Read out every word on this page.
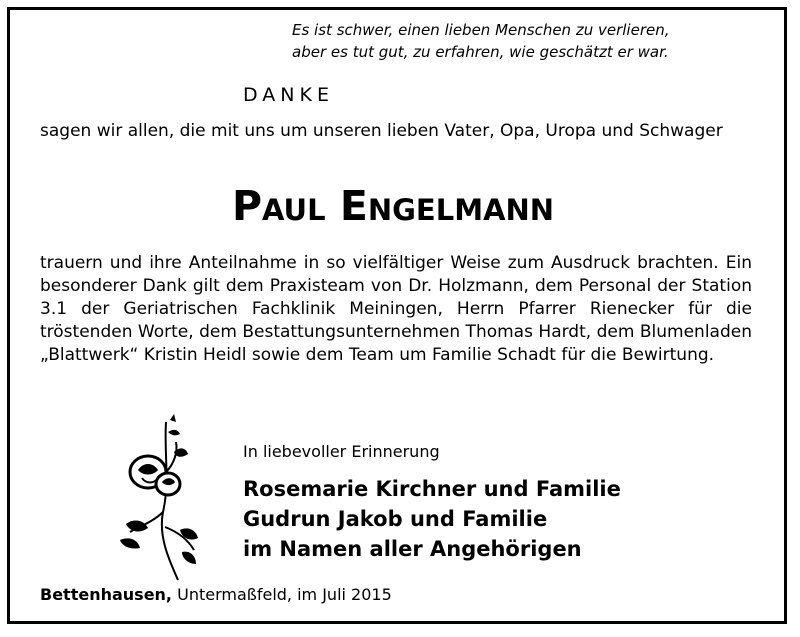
Es ist schwer, einen lieben Menschen zu verlieren,
aber es tut gut, zu erfahren, wie geschätzt er war.
DANKE
sagen wir allen, die mit uns um unseren lieben Vater, Opa, Uropa und Schwager
Paul Engelmann
trauern und ihre Anteilnahme in so vielfältiger Weise zum Ausdruck brachten. Ein besonderer Dank gilt dem Praxisteam von Dr. Holzmann, dem Personal der Station 3.1 der Geriatrischen Fachklinik Meiningen, Herrn Pfarrer Rienecker für die tröstenden Worte, dem Bestattungsunternehmen Thomas Hardt, dem Blumenladen „Blattwerk“ Kristin Heidl sowie dem Team um Familie Schadt für die Bewirtung.
In liebevoller Erinnerung
Rosemarie Kirchner und Familie
Gudrun Jakob und Familie
im Namen aller Angehörigen
Bettenhausen, Untermaßfeld, im Juli 2015
